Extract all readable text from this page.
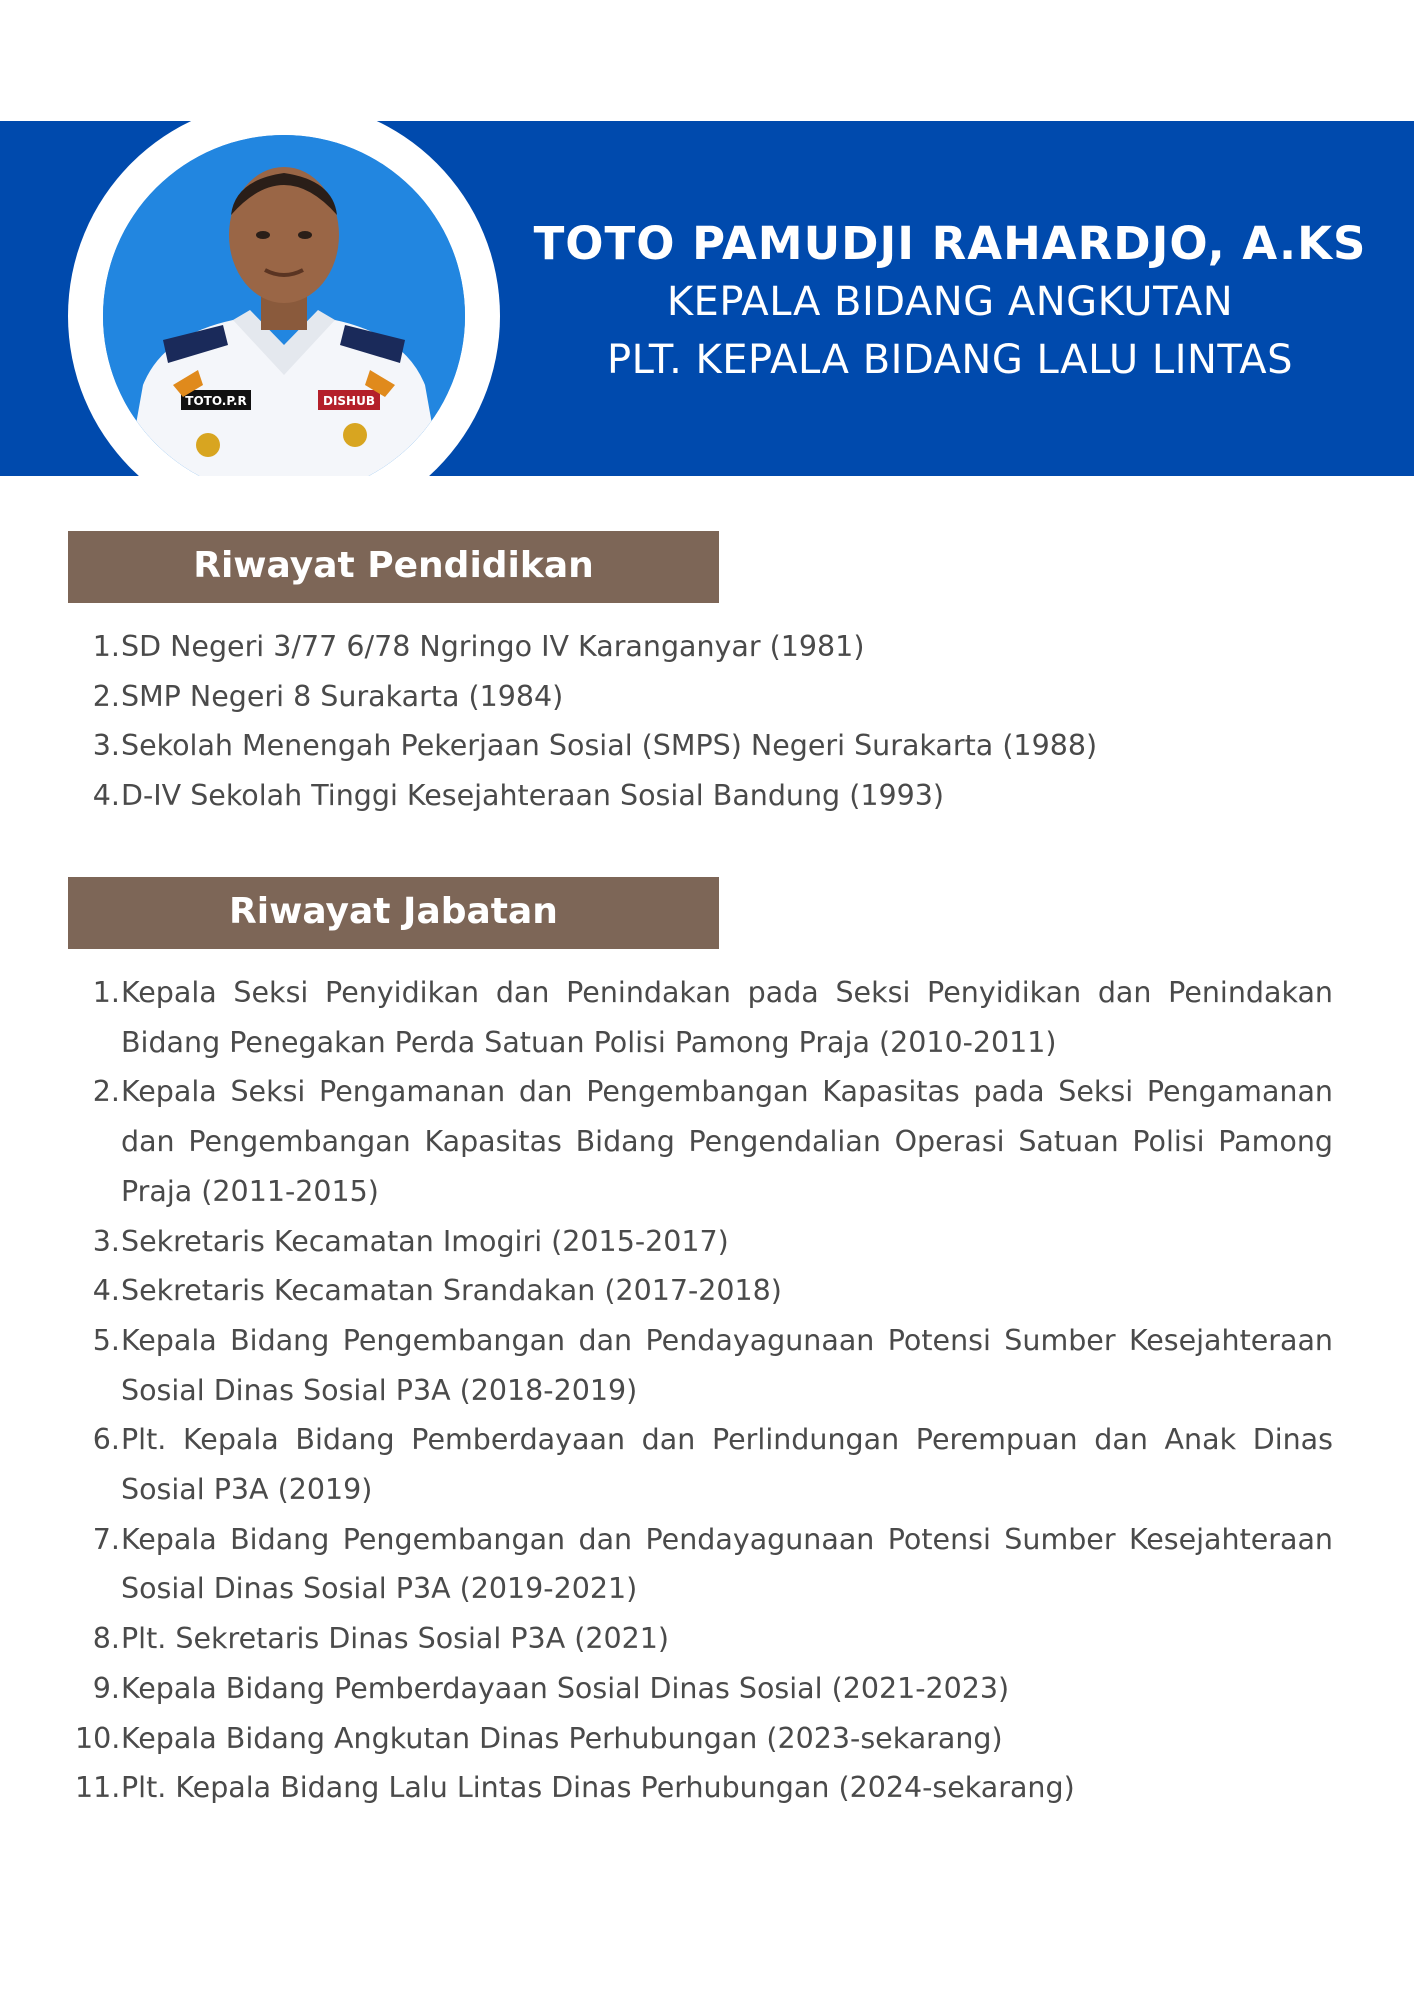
TOTO.P.R	DISHUB
TOTO PAMUDJI RAHARDJO, A.KS
KEPALA BIDANG ANGKUTAN
PLT. KEPALA BIDANG LALU LINTAS
Riwayat Pendidikan
1. SD Negeri 3/77 6/78 Ngringo IV Karanganyar (1981)
2. SMP Negeri 8 Surakarta (1984)
3. Sekolah Menengah Pekerjaan Sosial (SMPS) Negeri Surakarta (1988)
4. D-IV Sekolah Tinggi Kesejahteraan Sosial Bandung (1993)
Riwayat Jabatan
1. Kepala Seksi Penyidikan dan Penindakan pada Seksi Penyidikan dan Penindakan Bidang Penegakan Perda Satuan Polisi Pamong Praja (2010-2011)
2. Kepala Seksi Pengamanan dan Pengembangan Kapasitas pada Seksi Pengamanan dan Pengembangan Kapasitas Bidang Pengendalian Operasi Satuan Polisi Pamong Praja (2011-2015)
3. Sekretaris Kecamatan Imogiri (2015-2017)
4. Sekretaris Kecamatan Srandakan (2017-2018)
5. Kepala Bidang Pengembangan dan Pendayagunaan Potensi Sumber Kesejahteraan Sosial Dinas Sosial P3A (2018-2019)
6. Plt. Kepala Bidang Pemberdayaan dan Perlindungan Perempuan dan Anak Dinas Sosial P3A (2019)
7. Kepala Bidang Pengembangan dan Pendayagunaan Potensi Sumber Kesejahteraan Sosial Dinas Sosial P3A (2019-2021)
8. Plt. Sekretaris Dinas Sosial P3A (2021)
9. Kepala Bidang Pemberdayaan Sosial Dinas Sosial (2021-2023)
10. Kepala Bidang Angkutan Dinas Perhubungan (2023-sekarang)
11. Plt. Kepala Bidang Lalu Lintas Dinas Perhubungan (2024-sekarang)
